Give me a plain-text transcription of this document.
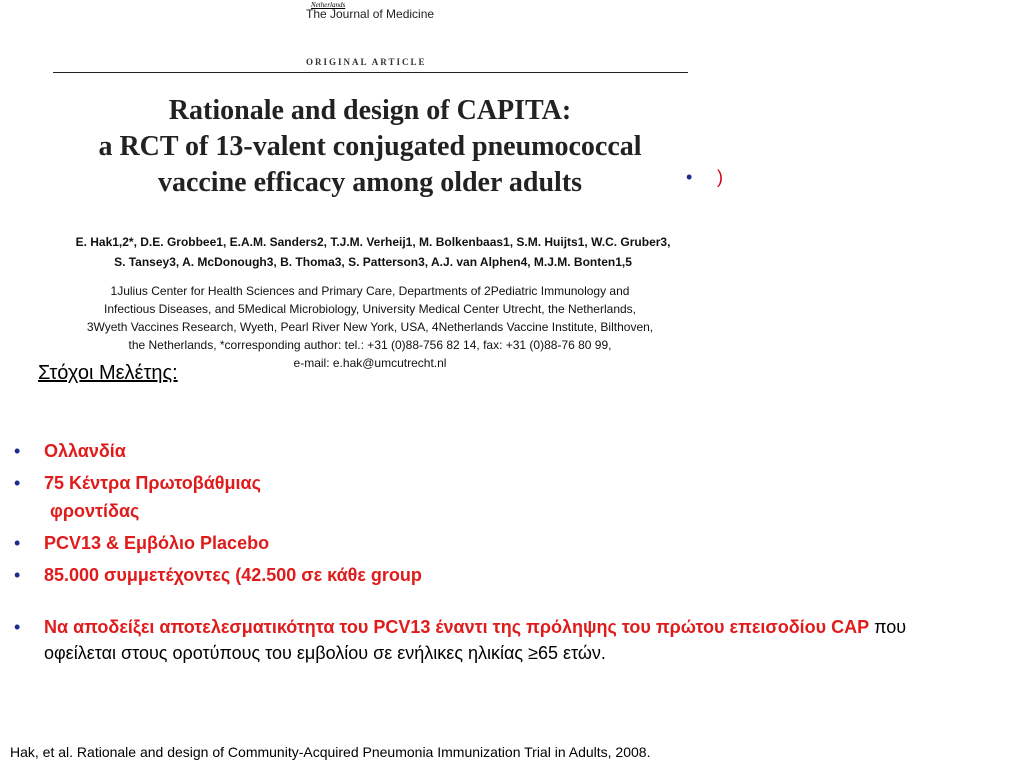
Netherlands
The Journal of Medicine
ORIGINAL ARTICLE
Rationale and design of CAPITA:
a RCT of 13-valent conjugated pneumococcal
vaccine efficacy among older adults
E. Hak1,2*, D.E. Grobbee1, E.A.M. Sanders2, T.J.M. Verheij1, M. Bolkenbaas1, S.M. Huijts1, W.C. Gruber3,
S. Tansey3, A. McDonough3, B. Thoma3, S. Patterson3, A.J. van Alphen4, M.J.M. Bonten1,5
1Julius Center for Health Sciences and Primary Care, Departments of 2Pediatric Immunology and
Infectious Diseases, and 5Medical Microbiology, University Medical Center Utrecht, the Netherlands,
3Wyeth Vaccines Research, Wyeth, Pearl River New York, USA, 4Netherlands Vaccine Institute, Bilthoven,
the Netherlands, *corresponding author: tel.: +31 (0)88-756 82 14, fax: +31 (0)88-76 80 99,
e-mail: e.hak@umcutrecht.nl
• )
Στόχοι Μελέτης:
• Ολλανδία
• 75 Κέντρα Πρωτοβάθμιας
φροντίδας
• PCV13 & Εμβόλιο Placebo
• 85.000 συμμετέχοντες (42.500 σε κάθε group
• Να αποδείξει αποτελεσματικότητα του PCV13 έναντι της πρόληψης του πρώτου επεισοδίου CAP που οφείλεται στους οροτύπους του εμβολίου σε ενήλικες ηλικίας ≥65 ετών.
Hak, et al. Rationale and design of Community-Acquired Pneumonia Immunization Trial in Adults, 2008.
